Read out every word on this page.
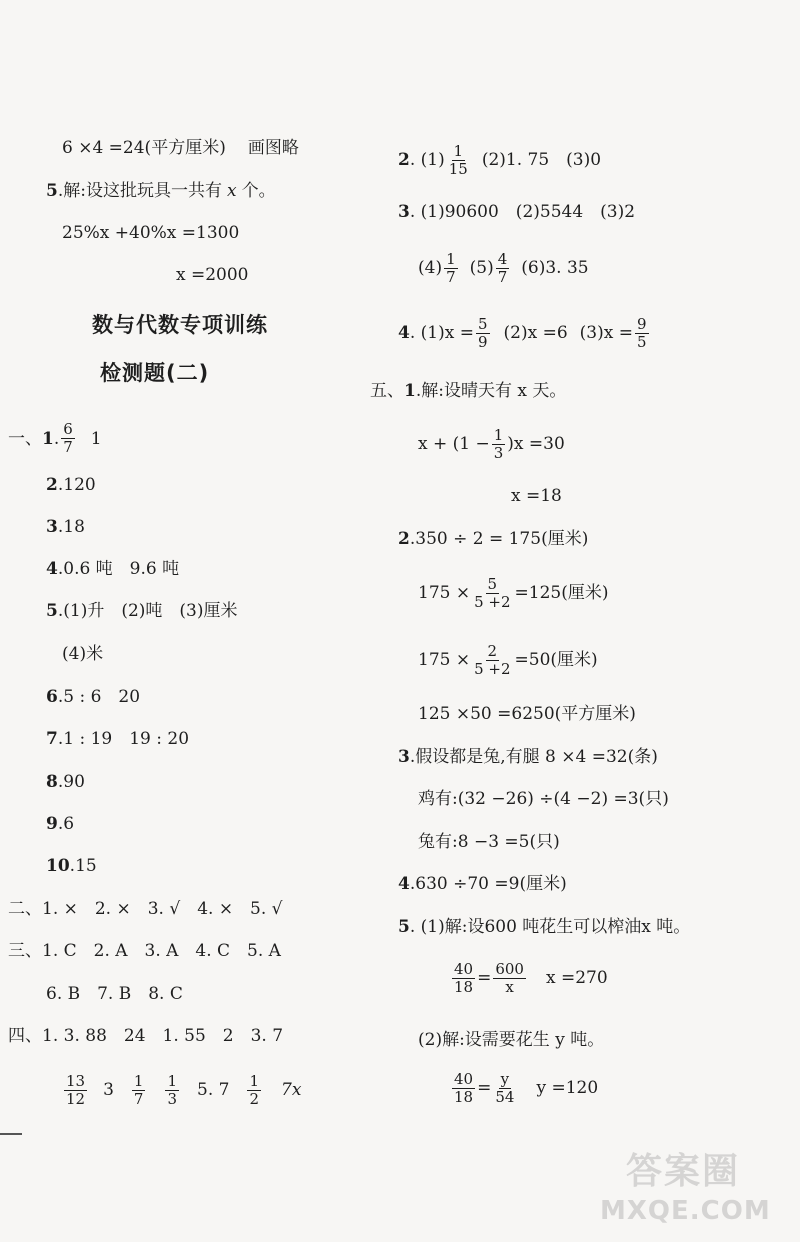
6 ×4 =24(平方厘米) 画图略
5 .解:设这批玩具一共有 x 个。
25%x +40%x =1300
x =2000
数与代数专项训练
检测题(二)
一、 1 . $\frac{6}{7} 1$
2 .120
3 .18
4 .0.6 吨　9.6 吨
5 .(1)升　(2)吨　(3)厘米
(4)米
6 .5 : 6　20
7 .1 : 19　19 : 20
8 .90
9 .6
10 .15
二、1. ×　2. ×　3. √　4. ×　5. √
三、1. C　2. A　3. A　4. C　5. A
6. B　7. B　8. C
四、1. 3. 88　24　1. 55　2　3. 7
$\frac{13}{12} 3 \frac{1}{7} \frac{1}{3} 5$. $7 \frac{1}{2} 7x$
2 . $(1) \frac{1}{15} (2)1$. 75　(3)0
3 . (1)90600　(2)5544　(3)2
$(4) \frac{1}{7} (5) \frac{4}{7} (6)3$. 35
4 . $(1)x = \frac{5}{9} (2)x =6$ $(3)x = \frac{9}{5}$
五、 1 .解:设晴天有 x 天。
$x + (1 - \frac{1}{3} )x =30$
x =18
2 .350 ÷ 2 = 175(厘米)
$175 \times \frac{5}{5 +2} =125$(厘米)
$175 \times \frac{2}{5 +2} =50$(厘米)
125 ×50 =6250(平方厘米)
3 .假设都是兔,有腿 8 ×4 =32(条)
鸡有:(32 −26) ÷(4 −2) =3(只)
兔有:8 −3 =5(只)
4 .630 ÷70 =9(厘米)
5 . (1)解:设600 吨花生可以榨油x 吨。
$\frac{40}{18} = \frac{600}{x}$ x =270
(2)解:设需要花生 y 吨。
$\frac{40}{18} = \frac{y}{54}$ y =120
答案圈
MXQE.COM
